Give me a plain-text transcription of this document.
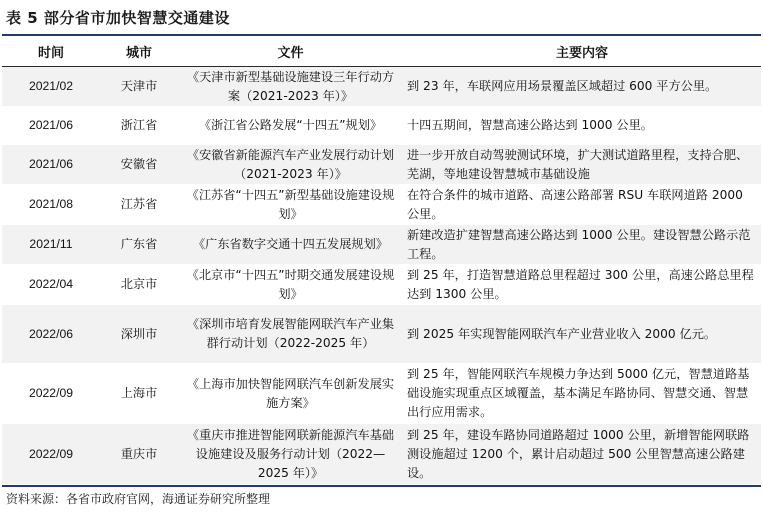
表 5 部分省市加快智慧交通建设
时间	城市	文件	主要内容
2021/02	天津市	《天津市新型基础设施建设三年行动方案（2021-2023 年）》	到 23 年，车联网应用场景覆盖区域超过 600 平方公里。
2021/06	浙江省	《浙江省公路发展“十四五”规划》	十四五期间，智慧高速公路达到 1000 公里。
2021/06	安徽省	《安徽省新能源汽车产业发展行动计划（2021-2023 年）》	进一步开放自动驾驶测试环境，扩大测试道路里程，支持合肥、芜湖，等地建设智慧城市基础设施
2021/08	江苏省	《江苏省“十四五”新型基础设施建设规划》	在符合条件的城市道路、高速公路部署 RSU 车联网道路 2000 公里。
2021/11	广东省	《广东省数字交通十四五发展规划》	新建改造扩建智慧高速公路达到 1000 公里。建设智慧公路示范工程。
2022/04	北京市	《北京市“十四五”时期交通发展建设规划》	到 25 年，打造智慧道路总里程超过 300 公里，高速公路总里程达到 1300 公里。
2022/06	深圳市	《深圳市培育发展智能网联汽车产业集群行动计划（2022-2025 年）	到 2025 年实现智能网联汽车产业营业收入 2000 亿元。
2022/09	上海市	《上海市加快智能网联汽车创新发展实施方案》	到 25 年，智能网联汽车规模力争达到 5000 亿元，智慧道路基础设施实现重点区域覆盖，基本满足车路协同、智慧交通、智慧出行应用需求。
2022/09	重庆市	《重庆市推进智能网联新能源汽车基础设施建设及服务行动计划（2022—2025 年）》	到 25 年，建设车路协同道路超过 1000 公里，新增智能网联路测设施超过 1200 个，累计启动超过 500 公里智慧高速公路建设。
资料来源：各省市政府官网，海通证券研究所整理
